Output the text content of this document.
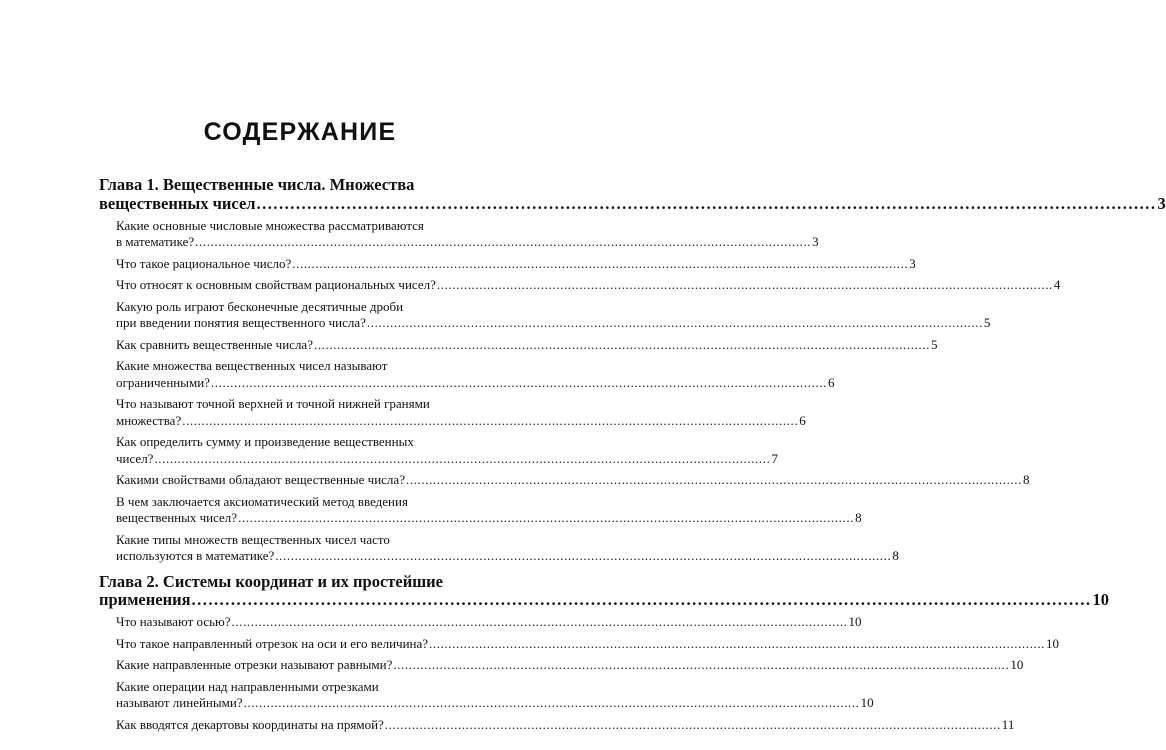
СОДЕРЖАНИЕ
Глава 1. Вещественные числа. Множества
вещественных чисел ................................................................................................................................................................ 3
Какие основные числовые множества рассматриваются
в математике? ................................................................................................................................................................ 3
Что такое рациональное число? ................................................................................................................................................................ 3
Что относят к основным свойствам рациональных чисел? ................................................................................................................................................................ 4
Какую роль играют бесконечные десятичные дроби
при введении понятия вещественного числа? ................................................................................................................................................................ 5
Как сравнить вещественные числа? ................................................................................................................................................................ 5
Какие множества вещественных чисел называют
ограниченными? ................................................................................................................................................................ 6
Что называют точной верхней и точной нижней гранями
множества? ................................................................................................................................................................ 6
Как определить сумму и произведение вещественных
чисел? ................................................................................................................................................................ 7
Какими свойствами обладают вещественные числа? ................................................................................................................................................................ 8
В чем заключается аксиоматический метод введения
вещественных чисел? ................................................................................................................................................................ 8
Какие типы множеств вещественных чисел часто
используются в математике? ................................................................................................................................................................ 8
Глава 2. Системы координат и их простейшие
применения ................................................................................................................................................................ 10
Что называют осью? ................................................................................................................................................................ 10
Что такое направленный отрезок на оси и его величина? ................................................................................................................................................................ 10
Какие направленные отрезки называют равными? ................................................................................................................................................................ 10
Какие операции над направленными отрезками
называют линейными? ................................................................................................................................................................ 10
Как вводятся декартовы координаты на прямой? ................................................................................................................................................................ 11
